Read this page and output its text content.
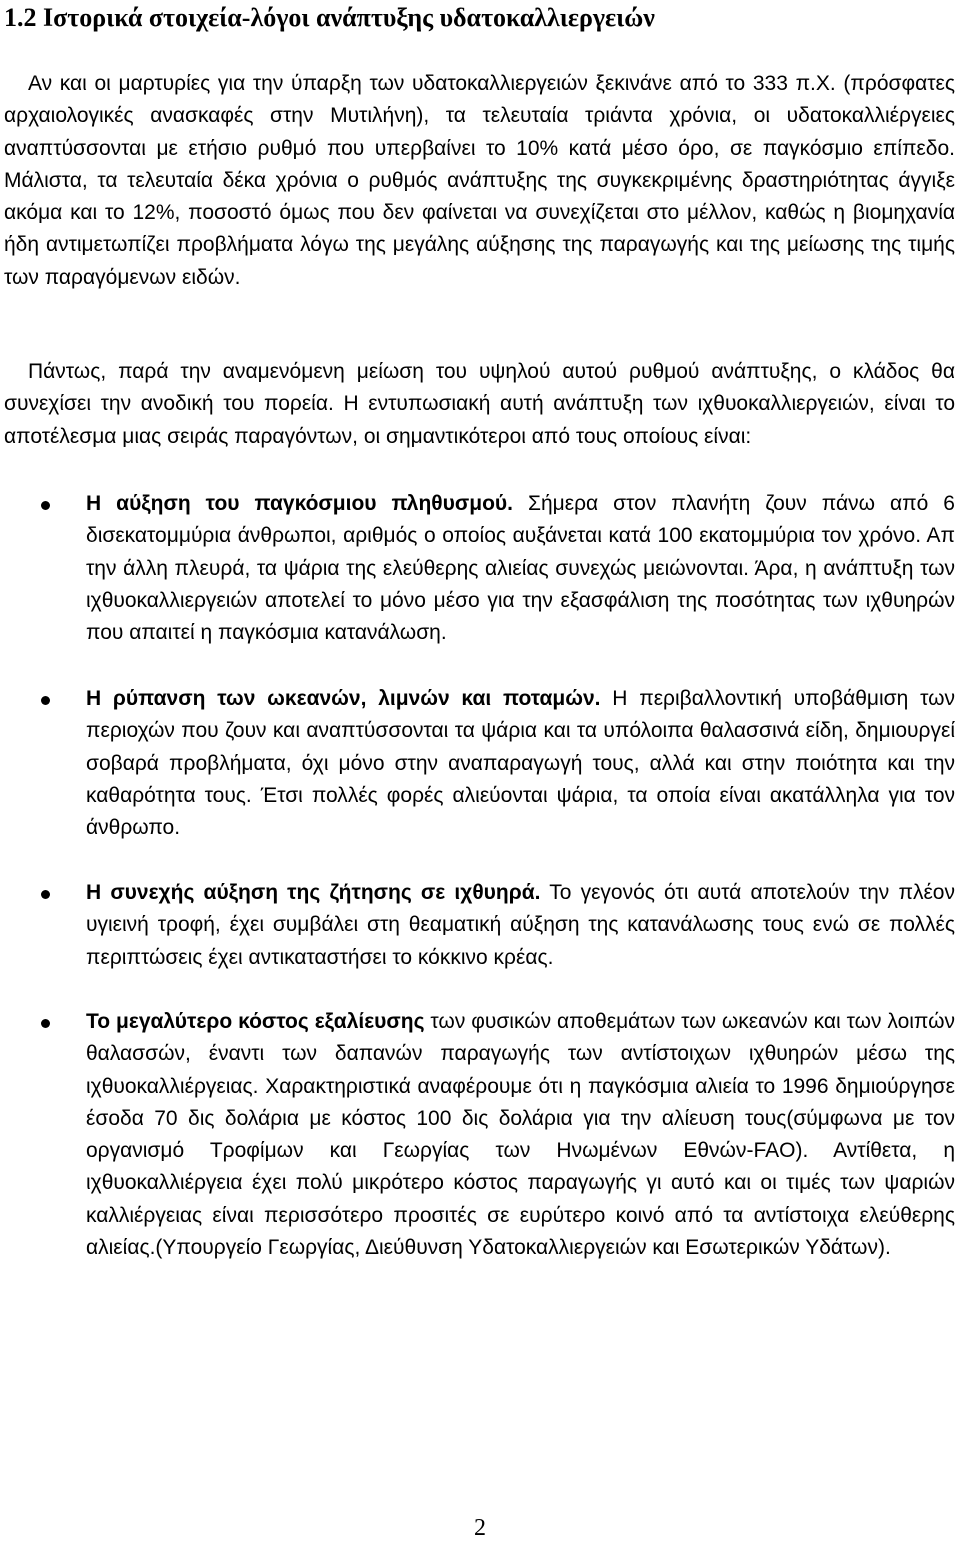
1.2 Ιστορικά στοιχεία-λόγοι ανάπτυξης υδατοκαλλιεργειών

Αν και οι μαρτυρίες για την ύπαρξη των υδατοκαλλιεργειών ξεκινάνε από το 333 π.Χ. (πρόσφατες αρχαιολογικές ανασκαφές στην Μυτιλήνη), τα τελευταία τριάντα χρόνια, οι υδατοκαλλιέργειες αναπτύσσονται με ετήσιο ρυθμό που υπερβαίνει το 10% κατά μέσο όρο, σε παγκόσμιο επίπεδο. Μάλιστα, τα τελευταία δέκα χρόνια ο ρυθμός ανάπτυξης της συγκεκριμένης δραστηριότητας άγγιξε ακόμα και το 12%, ποσοστό όμως που δεν φαίνεται να συνεχίζεται στο μέλλον, καθώς η βιομηχανία ήδη αντιμετωπίζει προβλήματα λόγω της μεγάλης αύξησης της παραγωγής και της μείωσης της τιμής των παραγόμενων ειδών.

Πάντως, παρά την αναμενόμενη μείωση του υψηλού αυτού ρυθμού ανάπτυξης, ο κλάδος θα συνεχίσει την ανοδική του πορεία. Η εντυπωσιακή αυτή ανάπτυξη των ιχθυοκαλλιεργειών, είναι το αποτέλεσμα μιας σειράς παραγόντων, οι σημαντικότεροι από τους οποίους είναι:

Η αύξηση του παγκόσμιου πληθυσμού. Σήμερα στον πλανήτη ζουν πάνω από 6 δισεκατομμύρια άνθρωποι, αριθμός ο οποίος αυξάνεται κατά 100 εκατομμύρια τον χρόνο. Απ την άλλη πλευρά, τα ψάρια της ελεύθερης αλιείας συνεχώς μειώνονται. Άρα, η ανάπτυξη των ιχθυοκαλλιεργειών αποτελεί το μόνο μέσο για την εξασφάλιση της ποσότητας των ιχθυηρών που απαιτεί η παγκόσμια κατανάλωση.
Η ρύπανση των ωκεανών, λιμνών και ποταμών. Η περιβαλλοντική υποβάθμιση των περιοχών που ζουν και αναπτύσσονται τα ψάρια και τα υπόλοιπα θαλασσινά είδη, δημιουργεί σοβαρά προβλήματα, όχι μόνο στην αναπαραγωγή τους, αλλά και στην ποιότητα και την καθαρότητα τους. Έτσι πολλές φορές αλιεύονται ψάρια, τα οποία είναι ακατάλληλα για τον άνθρωπο.
Η συνεχής αύξηση της ζήτησης σε ιχθυηρά. Το γεγονός ότι αυτά αποτελούν την πλέον υγιεινή τροφή, έχει συμβάλει στη θεαματική αύξηση της κατανάλωσης τους ενώ σε πολλές περιπτώσεις έχει αντικαταστήσει το κόκκινο κρέας.
Το μεγαλύτερο κόστος εξαλίευσης των φυσικών αποθεμάτων των ωκεανών και των λοιπών θαλασσών, έναντι των δαπανών παραγωγής των αντίστοιχων ιχθυηρών μέσω της ιχθυοκαλλιέργειας. Χαρακτηριστικά αναφέρουμε ότι η παγκόσμια αλιεία το 1996 δημιούργησε έσοδα 70 δις δολάρια με κόστος 100 δις δολάρια για την αλίευση τους(σύμφωνα με τον οργανισμό Τροφίμων και Γεωργίας των Ηνωμένων Εθνών-FAO). Αντίθετα, η ιχθυοκαλλιέργεια έχει πολύ μικρότερο κόστος παραγωγής γι αυτό και οι τιμές των ψαριών καλλιέργειας είναι περισσότερο προσιτές σε ευρύτερο κοινό από τα αντίστοιχα ελεύθερης αλιείας.(Υπουργείο Γεωργίας, Διεύθυνση Υδατοκαλλιεργειών και Εσωτερικών Υδάτων).
2
